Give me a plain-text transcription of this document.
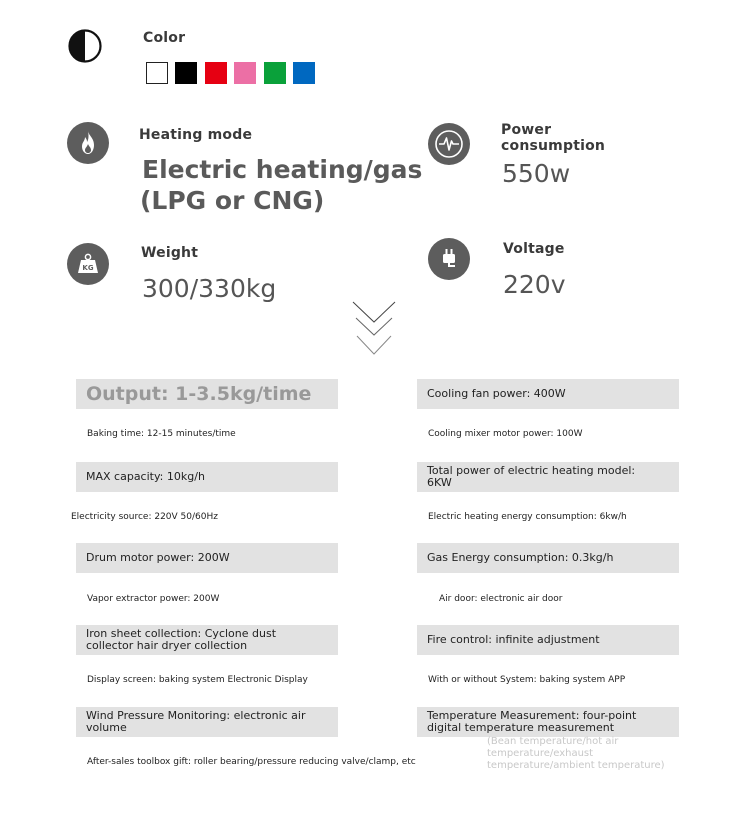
Color
Heating mode
Electric heating/gas
(LPG or CNG)
Power
consumption
550w
KG
Weight
300/330kg
Voltage
220v
Output: 1-3.5kg/time
Baking time: 12-15 minutes/time
MAX capacity: 10kg/h
Electricity source: 220V 50/60Hz
Drum motor power: 200W
Vapor extractor power: 200W
Iron sheet collection: Cyclone dust
collector hair dryer collection
Display screen: baking system Electronic Display
Wind Pressure Monitoring: electronic air
volume
After-sales toolbox gift: roller bearing/pressure reducing valve/clamp, etc
Cooling fan power: 400W
Cooling mixer motor power: 100W
Total power of electric heating model:
6KW
Electric heating energy consumption: 6kw/h
Gas Energy consumption: 0.3kg/h
Air door: electronic air door
Fire control: infinite adjustment
With or without System: baking system APP
Temperature Measurement: four-point
digital temperature measurement
(Bean temperature/hot air
temperature/exhaust
temperature/ambient temperature)
